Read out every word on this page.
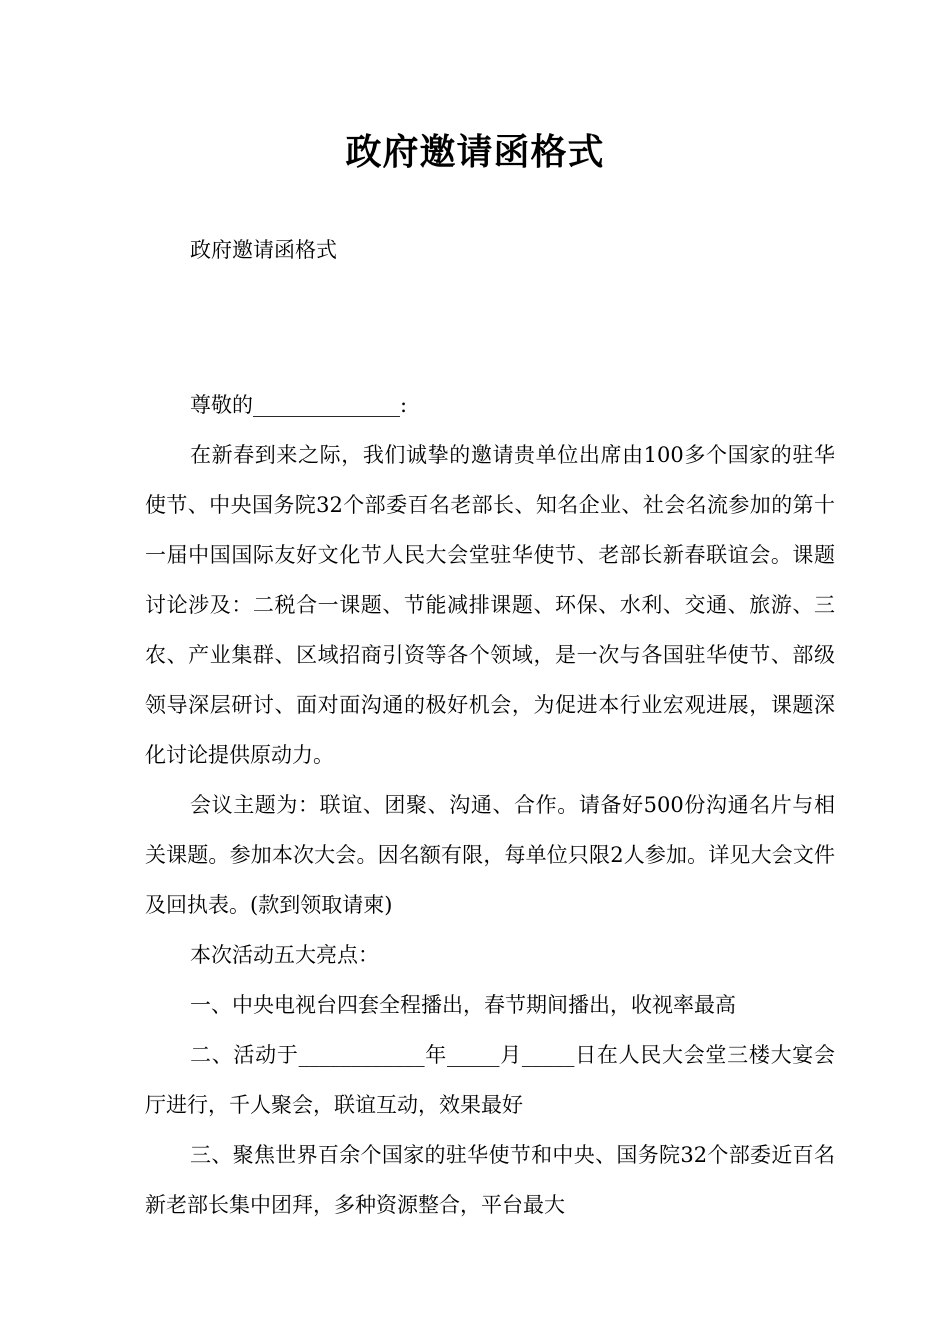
政府邀请函格式
政府邀请函格式

尊敬的______________:

在新春到来之际，我们诚挚的邀请贵单位出席由100多个国家的驻华使节、中央国务院32个部委百名老部长、知名企业、社会名流参加的第十一届中国国际友好文化节人民大会堂驻华使节、老部长新春联谊会。课题讨论涉及：二税合一课题、节能减排课题、环保、水利、交通、旅游、三农、产业集群、区域招商引资等各个领域，是一次与各国驻华使节、部级领导深层研讨、面对面沟通的极好机会，为促进本行业宏观进展，课题深化讨论提供原动力。

会议主题为：联谊、团聚、沟通、合作。请备好500份沟通名片与相关课题。参加本次大会。因名额有限，每单位只限2人参加。详见大会文件及回执表。(款到领取请柬)

本次活动五大亮点：

一、中央电视台四套全程播出，春节期间播出，收视率最高

二、活动于____________年_____月_____日在人民大会堂三楼大宴会厅进行，千人聚会，联谊互动，效果最好

三、聚焦世界百余个国家的驻华使节和中央、国务院32个部委近百名新老部长集中团拜，多种资源整合，平台最大
